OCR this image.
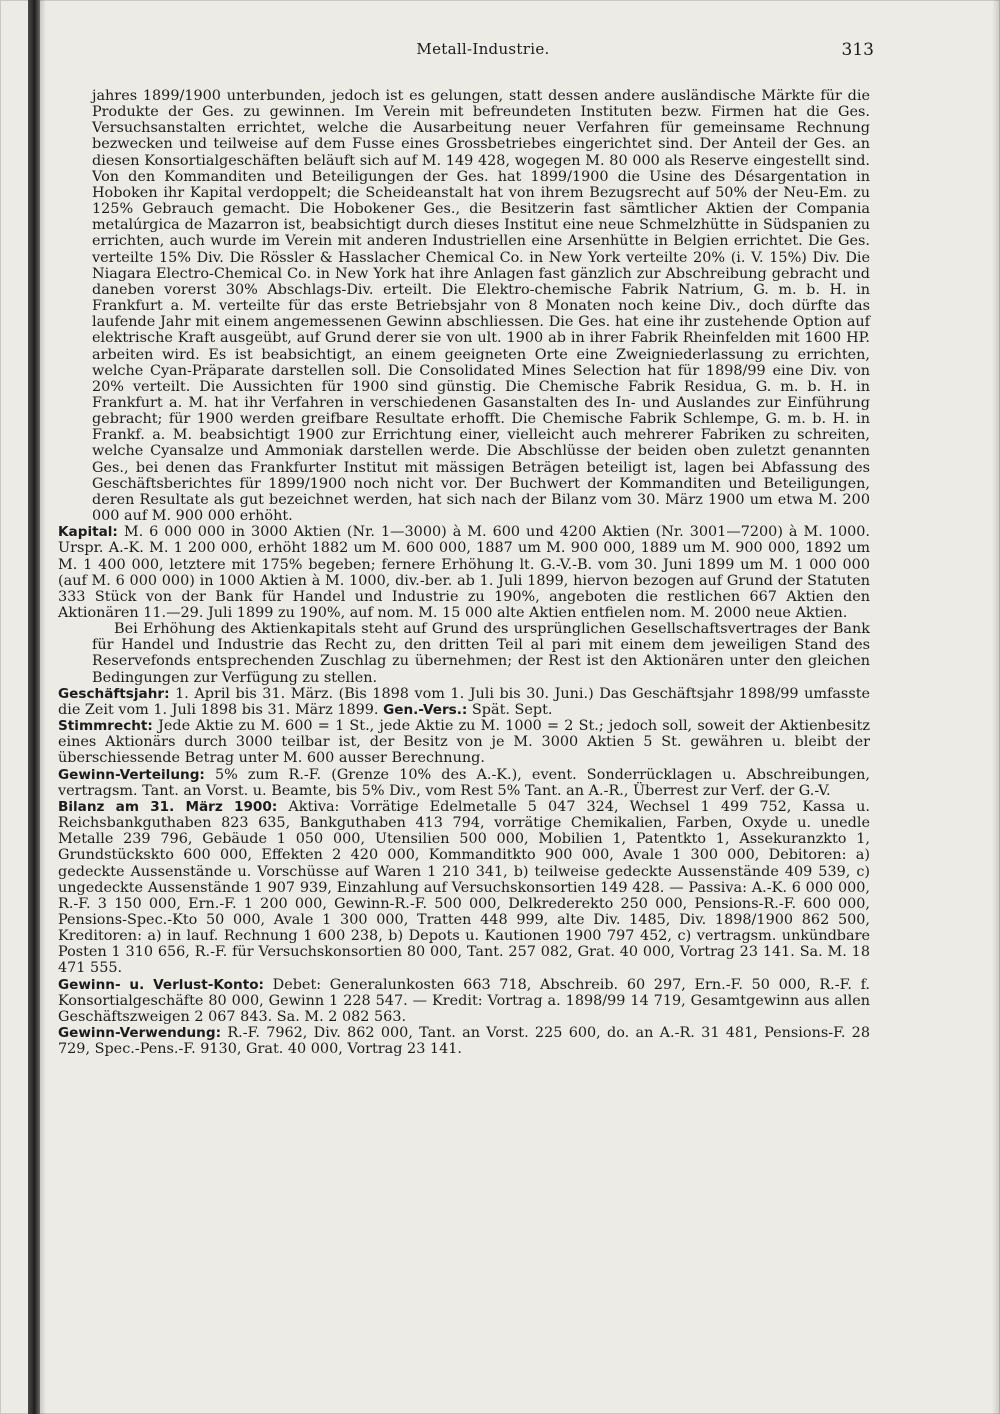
Metall-Industrie.	313

jahres 1899/1900 unterbunden, jedoch ist es gelungen, statt dessen andere ausländische Märkte für die Produkte der Ges. zu gewinnen. Im Verein mit befreundeten Instituten bezw. Firmen hat die Ges. Versuchsanstalten errichtet, welche die Ausarbeitung neuer Verfahren für gemeinsame Rechnung bezwecken und teilweise auf dem Fusse eines Grossbetriebes eingerichtet sind. Der Anteil der Ges. an diesen Konsortialgeschäften beläuft sich auf M. 149 428, wogegen M. 80 000 als Reserve eingestellt sind. Von den Kommanditen und Beteiligungen der Ges. hat 1899/1900 die Usine des Désargentation in Hoboken ihr Kapital verdoppelt; die Scheideanstalt hat von ihrem Bezugsrecht auf 50% der Neu-Em. zu 125% Gebrauch gemacht. Die Hobokener Ges., die Besitzerin fast sämtlicher Aktien der Compania metalúrgica de Mazarron ist, beabsichtigt durch dieses Institut eine neue Schmelzhütte in Südspanien zu errichten, auch wurde im Verein mit anderen Industriellen eine Arsenhütte in Belgien errichtet. Die Ges. verteilte 15% Div. Die Rössler & Hasslacher Chemical Co. in New York verteilte 20% (i. V. 15%) Div. Die Niagara Electro-Chemical Co. in New York hat ihre Anlagen fast gänzlich zur Abschreibung gebracht und daneben vorerst 30% Abschlags-Div. erteilt. Die Elektro-chemische Fabrik Natrium, G. m. b. H. in Frankfurt a. M. verteilte für das erste Betriebsjahr von 8 Monaten noch keine Div., doch dürfte das laufende Jahr mit einem angemessenen Gewinn abschliessen. Die Ges. hat eine ihr zustehende Option auf elektrische Kraft ausgeübt, auf Grund derer sie von ult. 1900 ab in ihrer Fabrik Rheinfelden mit 1600 HP. arbeiten wird. Es ist beabsichtigt, an einem geeigneten Orte eine Zweigniederlassung zu errichten, welche Cyan-Präparate darstellen soll. Die Consolidated Mines Selection hat für 1898/99 eine Div. von 20% verteilt. Die Aussichten für 1900 sind günstig. Die Chemische Fabrik Residua, G. m. b. H. in Frankfurt a. M. hat ihr Verfahren in verschiedenen Gasanstalten des In- und Auslandes zur Einführung gebracht; für 1900 werden greifbare Resultate erhofft. Die Chemische Fabrik Schlempe, G. m. b. H. in Frankf. a. M. beabsichtigt 1900 zur Errichtung einer, vielleicht auch mehrerer Fabriken zu schreiten, welche Cyansalze und Ammoniak darstellen werde. Die Abschlüsse der beiden oben zuletzt genannten Ges., bei denen das Frankfurter Institut mit mässigen Beträgen beteiligt ist, lagen bei Abfassung des Geschäftsberichtes für 1899/1900 noch nicht vor. Der Buchwert der Kommanditen und Beteiligungen, deren Resultate als gut bezeichnet werden, hat sich nach der Bilanz vom 30. März 1900 um etwa M. 200 000 auf M. 900 000 erhöht.

Kapital: M. 6 000 000 in 3000 Aktien (Nr. 1—3000) à M. 600 und 4200 Aktien (Nr. 3001—7200) à M. 1000. Urspr. A.-K. M. 1 200 000, erhöht 1882 um M. 600 000, 1887 um M. 900 000, 1889 um M. 900 000, 1892 um M. 1 400 000, letztere mit 175% begeben; fernere Erhöhung lt. G.-V.-B. vom 30. Juni 1899 um M. 1 000 000 (auf M. 6 000 000) in 1000 Aktien à M. 1000, div.-ber. ab 1. Juli 1899, hiervon bezogen auf Grund der Statuten 333 Stück von der Bank für Handel und Industrie zu 190%, angeboten die restlichen 667 Aktien den Aktionären 11.—29. Juli 1899 zu 190%, auf nom. M. 15 000 alte Aktien entfielen nom. M. 2000 neue Aktien.

Bei Erhöhung des Aktienkapitals steht auf Grund des ursprünglichen Gesellschaftsvertrages der Bank für Handel und Industrie das Recht zu, den dritten Teil al pari mit einem dem jeweiligen Stand des Reservefonds entsprechenden Zuschlag zu übernehmen; der Rest ist den Aktionären unter den gleichen Bedingungen zur Verfügung zu stellen.

Geschäftsjahr: 1. April bis 31. März. (Bis 1898 vom 1. Juli bis 30. Juni.) Das Geschäftsjahr 1898/99 umfasste die Zeit vom 1. Juli 1898 bis 31. März 1899. Gen.-Vers.: Spät. Sept.

Stimmrecht: Jede Aktie zu M. 600 = 1 St., jede Aktie zu M. 1000 = 2 St.; jedoch soll, soweit der Aktienbesitz eines Aktionärs durch 3000 teilbar ist, der Besitz von je M. 3000 Aktien 5 St. gewähren u. bleibt der überschiessende Betrag unter M. 600 ausser Berechnung.

Gewinn-Verteilung: 5% zum R.-F. (Grenze 10% des A.-K.), event. Sonderrücklagen u. Abschreibungen, vertragsm. Tant. an Vorst. u. Beamte, bis 5% Div., vom Rest 5% Tant. an A.-R., Überrest zur Verf. der G.-V.

Bilanz am 31. März 1900: Aktiva: Vorrätige Edelmetalle 5 047 324, Wechsel 1 499 752, Kassa u. Reichsbankguthaben 823 635, Bankguthaben 413 794, vorrätige Chemikalien, Farben, Oxyde u. unedle Metalle 239 796, Gebäude 1 050 000, Utensilien 500 000, Mobilien 1, Patentkto 1, Assekuranzkto 1, Grundstückskto 600 000, Effekten 2 420 000, Kommanditkto 900 000, Avale 1 300 000, Debitoren: a) gedeckte Aussenstände u. Vorschüsse auf Waren 1 210 341, b) teilweise gedeckte Aussenstände 409 539, c) ungedeckte Aussenstände 1 907 939, Einzahlung auf Versuchskonsortien 149 428. — Passiva: A.-K. 6 000 000, R.-F. 3 150 000, Ern.-F. 1 200 000, Gewinn-R.-F. 500 000, Delkrederekto 250 000, Pensions-R.-F. 600 000, Pensions-Spec.-Kto 50 000, Avale 1 300 000, Tratten 448 999, alte Div. 1485, Div. 1898/1900 862 500, Kreditoren: a) in lauf. Rechnung 1 600 238, b) Depots u. Kautionen 1900 797 452, c) vertragsm. unkündbare Posten 1 310 656, R.-F. für Versuchskonsortien 80 000, Tant. 257 082, Grat. 40 000, Vortrag 23 141. Sa. M. 18 471 555.

Gewinn- u. Verlust-Konto: Debet: Generalunkosten 663 718, Abschreib. 60 297, Ern.-F. 50 000, R.-F. f. Konsortialgeschäfte 80 000, Gewinn 1 228 547. — Kredit: Vortrag a. 1898/99 14 719, Gesamtgewinn aus allen Geschäftszweigen 2 067 843. Sa. M. 2 082 563.

Gewinn-Verwendung: R.-F. 7962, Div. 862 000, Tant. an Vorst. 225 600, do. an A.-R. 31 481, Pensions-F. 28 729, Spec.-Pens.-F. 9130, Grat. 40 000, Vortrag 23 141.
